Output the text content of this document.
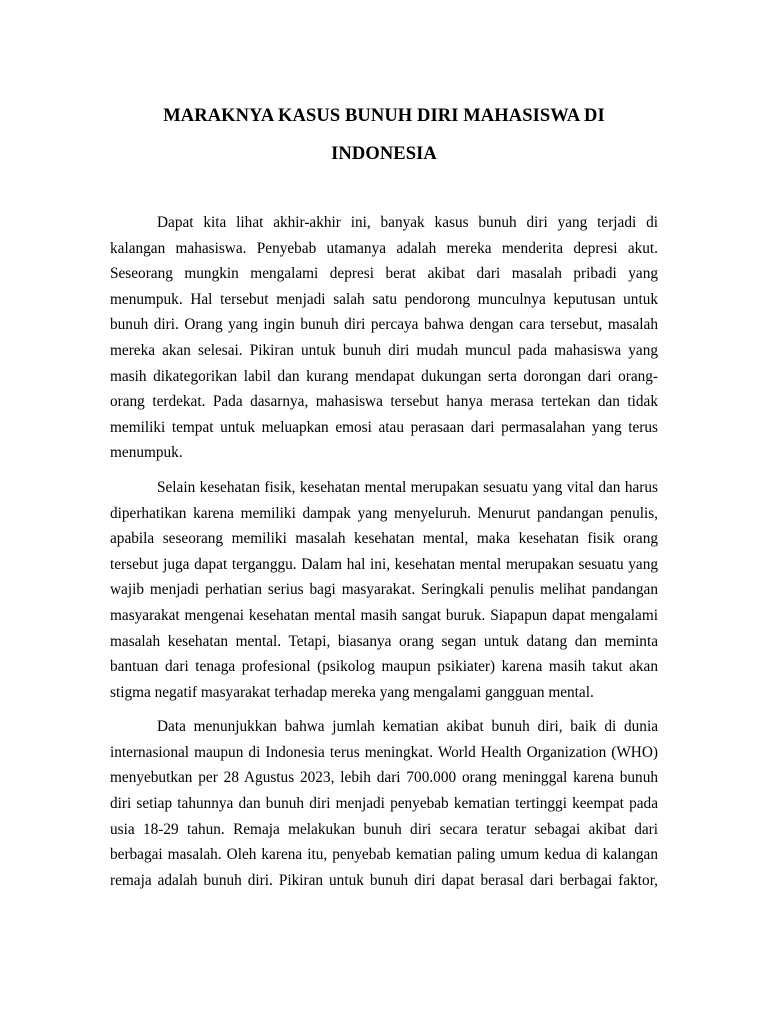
MARAKNYA KASUS BUNUH DIRI MAHASISWA DI
INDONESIA

Dapat kita lihat akhir-akhir ini, banyak kasus bunuh diri yang terjadi di
kalangan mahasiswa. Penyebab utamanya adalah mereka menderita depresi akut.
Seseorang mungkin mengalami depresi berat akibat dari masalah pribadi yang
menumpuk. Hal tersebut menjadi salah satu pendorong munculnya keputusan untuk
bunuh diri. Orang yang ingin bunuh diri percaya bahwa dengan cara tersebut, masalah
mereka akan selesai. Pikiran untuk bunuh diri mudah muncul pada mahasiswa yang
masih dikategorikan labil dan kurang mendapat dukungan serta dorongan dari orang-
orang terdekat. Pada dasarnya, mahasiswa tersebut hanya merasa tertekan dan tidak
memiliki tempat untuk meluapkan emosi atau perasaan dari permasalahan yang terus
menumpuk.

Selain kesehatan fisik, kesehatan mental merupakan sesuatu yang vital dan harus
diperhatikan karena memiliki dampak yang menyeluruh. Menurut pandangan penulis,
apabila seseorang memiliki masalah kesehatan mental, maka kesehatan fisik orang
tersebut juga dapat terganggu. Dalam hal ini, kesehatan mental merupakan sesuatu yang
wajib menjadi perhatian serius bagi masyarakat. Seringkali penulis melihat pandangan
masyarakat mengenai kesehatan mental masih sangat buruk. Siapapun dapat mengalami
masalah kesehatan mental. Tetapi, biasanya orang segan untuk datang dan meminta
bantuan dari tenaga profesional (psikolog maupun psikiater) karena masih takut akan
stigma negatif masyarakat terhadap mereka yang mengalami gangguan mental.

Data menunjukkan bahwa jumlah kematian akibat bunuh diri, baik di dunia
internasional maupun di Indonesia terus meningkat. World Health Organization (WHO)
menyebutkan per 28 Agustus 2023, lebih dari 700.000 orang meninggal karena bunuh
diri setiap tahunnya dan bunuh diri menjadi penyebab kematian tertinggi keempat pada
usia 18-29 tahun. Remaja melakukan bunuh diri secara teratur sebagai akibat dari
berbagai masalah. Oleh karena itu, penyebab kematian paling umum kedua di kalangan
remaja adalah bunuh diri. Pikiran untuk bunuh diri dapat berasal dari berbagai faktor,
